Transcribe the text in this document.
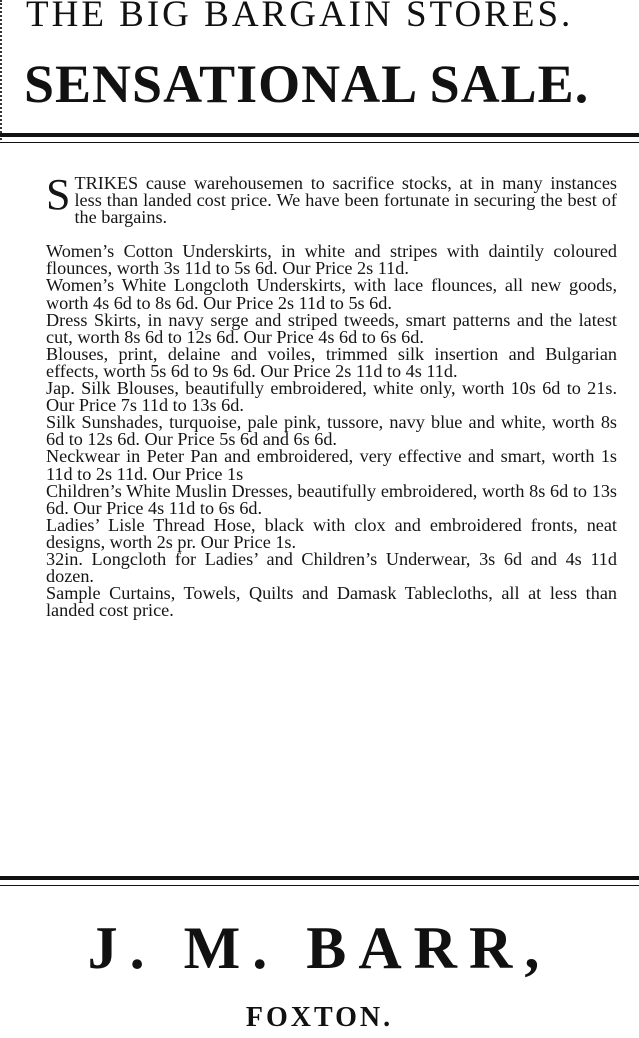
THE BIG BARGAIN STORES.
SENSATIONAL SALE.

STRIKES cause warehousemen to sacrifice stocks, at in many instances less than landed cost price. We have been fortunate in securing the best of the bargains.

Women’s Cotton Underskirts, in white and stripes with daintily coloured flounces, worth 3s 11d to 5s 6d. Our Price 2s 11d.

Women’s White Longcloth Underskirts, with lace flounces, all new goods, worth 4s 6d to 8s 6d. Our Price 2s 11d to 5s 6d.

Dress Skirts, in navy serge and striped tweeds, smart patterns and the latest cut, worth 8s 6d to 12s 6d. Our Price 4s 6d to 6s 6d.

Blouses, print, delaine and voiles, trimmed silk insertion and Bulgarian effects, worth 5s 6d to 9s 6d. Our Price 2s 11d to 4s 11d.

Jap. Silk Blouses, beautifully embroidered, white only, worth 10s 6d to 21s. Our Price 7s 11d to 13s 6d.

Silk Sunshades, turquoise, pale pink, tussore, navy blue and white, worth 8s 6d to 12s 6d. Our Price 5s 6d and 6s 6d.

Neckwear in Peter Pan and embroidered, very effective and smart, worth 1s 11d to 2s 11d. Our Price 1s

Children’s White Muslin Dresses, beautifully embroidered, worth 8s 6d to 13s 6d. Our Price 4s 11d to 6s 6d.

Ladies’ Lisle Thread Hose, black with clox and embroidered fronts, neat designs, worth 2s pr. Our Price 1s.

32in. Longcloth for Ladies’ and Children’s Underwear, 3s 6d and 4s 11d dozen.

Sample Curtains, Towels, Quilts and Damask Tablecloths, all at less than landed cost price.

J. M. BARR,
FOXTON.
